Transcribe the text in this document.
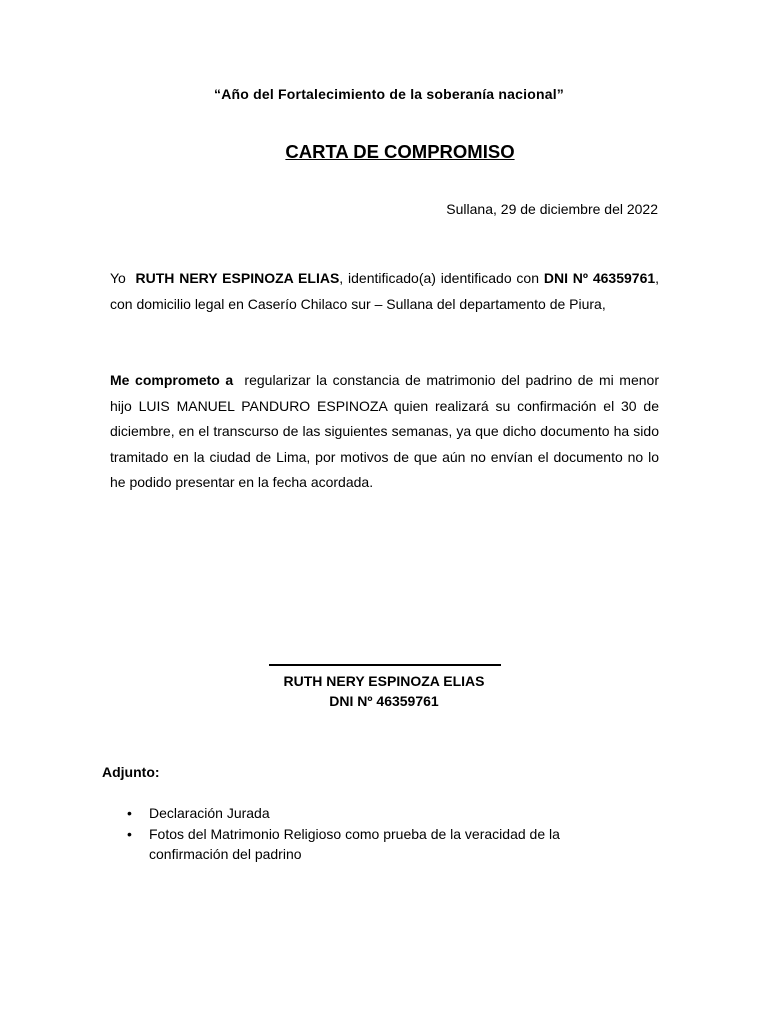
“Año del Fortalecimiento de la soberanía nacional”
CARTA DE COMPROMISO
Sullana, 29 de diciembre del 2022
Yo RUTH NERY ESPINOZA ELIAS, identificado(a) identificado con DNI Nº 46359761, con domicilio legal en Caserío Chilaco sur – Sullana del departamento de Piura,
Me comprometo a regularizar la constancia de matrimonio del padrino de mi menor hijo LUIS MANUEL PANDURO ESPINOZA quien realizará su confirmación el 30 de diciembre, en el transcurso de las siguientes semanas, ya que dicho documento ha sido tramitado en la ciudad de Lima, por motivos de que aún no envían el documento no lo he podido presentar en la fecha acordada.
RUTH NERY ESPINOZA ELIAS
DNI Nº 46359761
Adjunto:
• Declaración Jurada
• Fotos del Matrimonio Religioso como prueba de la veracidad de la confirmación del padrino
